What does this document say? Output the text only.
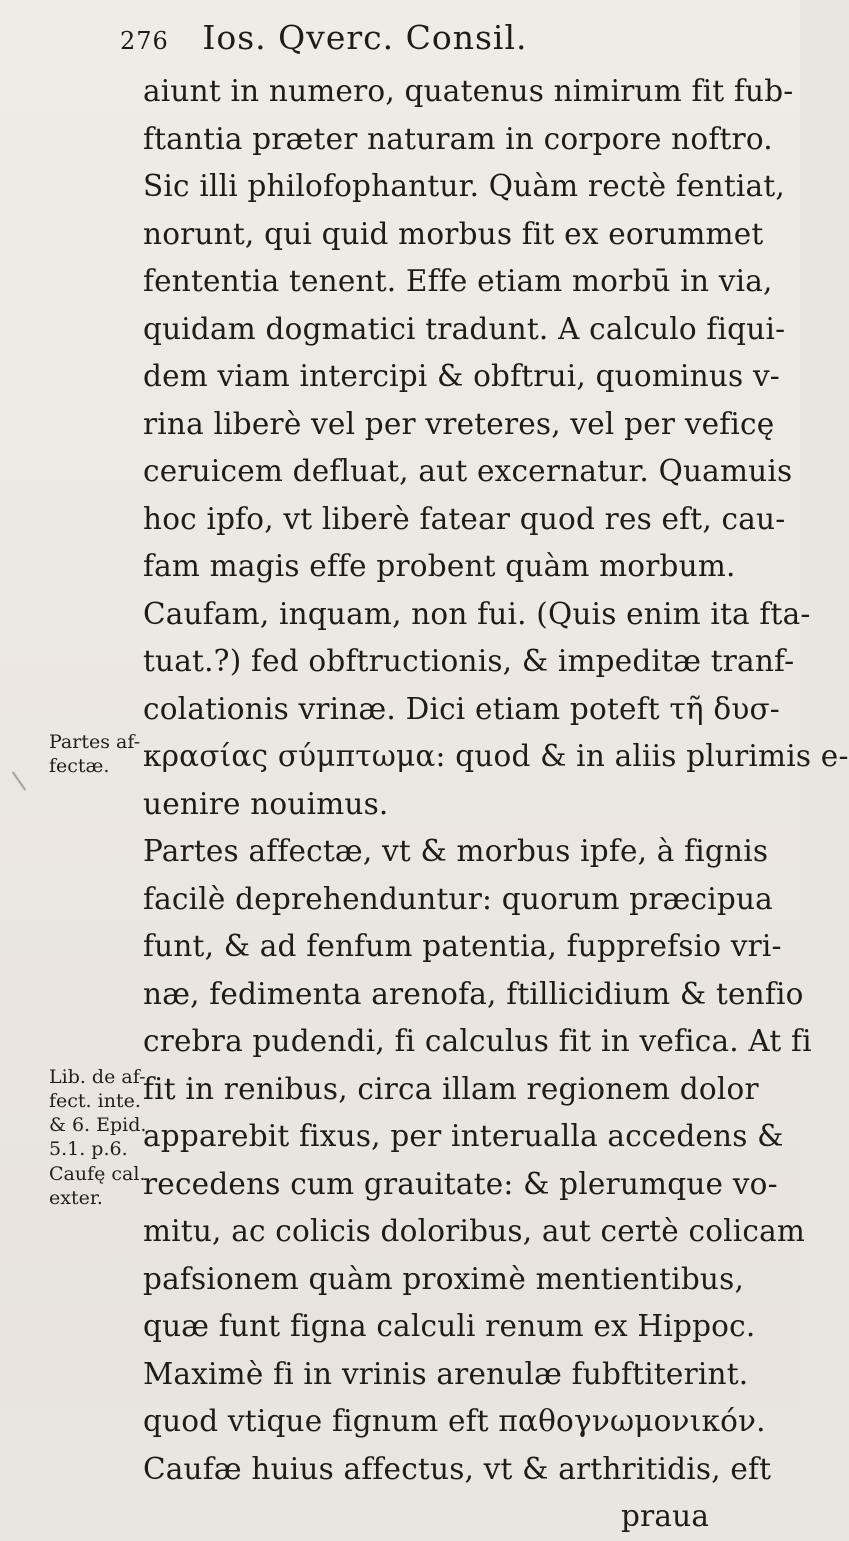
276 Ios. Qverc. Consil.
aiunt in numero, quatenus nimirum fit fub-
ftantia præter naturam in corpore noftro.
Sic illi philofophantur. Quàm rectè fentiat,
norunt, qui quid morbus fit ex eorummet
fententia tenent. Effe etiam morbū in via,
quidam dogmatici tradunt. A calculo fiqui-
dem viam intercipi & obftrui, quominus v-
rina liberè vel per vreteres, vel per veficę
ceruicem defluat, aut excernatur. Quamuis
hoc ipfo, vt liberè fatear quod res eft, cau-
fam magis effe probent quàm morbum.
Caufam, inquam, non fui. (Quis enim ita fta-
tuat.?) fed obftructionis, & impeditæ tranf-
colationis vrinæ. Dici etiam poteft τῆ δυσ-
κρασίας σύμπτωμα: quod & in aliis plurimis e-
uenire nouimus.
Partes affectæ, vt & morbus ipfe, à fignis
facilè deprehenduntur: quorum præcipua
funt, & ad fenfum patentia, fupprefsio vri-
næ, fedimenta arenofa, ftillicidium & tenfio
crebra pudendi, fi calculus fit in vefica. At fi
fit in renibus, circa illam regionem dolor
apparebit fixus, per interualla accedens &
recedens cum grauitate: & plerumque vo-
mitu, ac colicis doloribus, aut certè colicam
pafsionem quàm proximè mentientibus,
quæ funt figna calculi renum ex Hippoc.
Maximè fi in vrinis arenulæ fubftiterint.
quod vtique fignum eft παθογνωμονικόν.
Caufæ huius affectus, vt & arthritidis, eft
praua
Partes af-
fectæ.
Lib. de af-
fect. inte.
& 6. Epid.
5.1. p.6.
Caufę cal.
exter.
